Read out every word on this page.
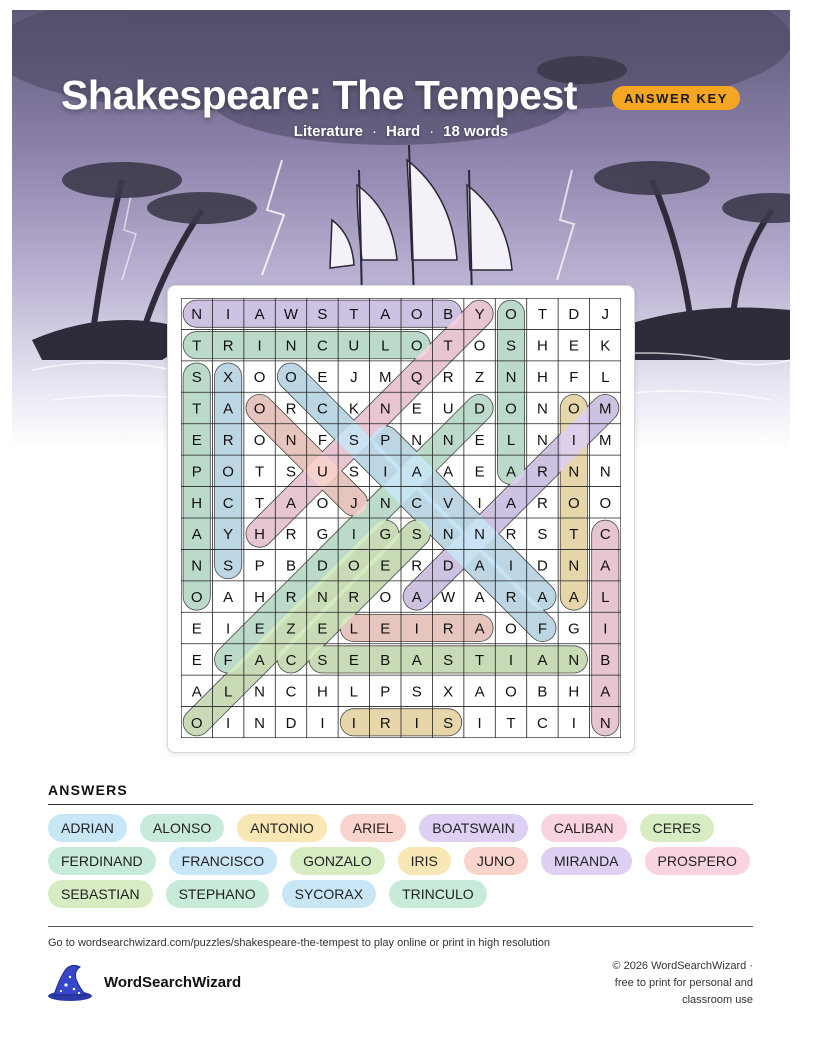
Shakespeare: The Tempest	ANSWER KEY
Literature · Hard · 18 words
N I A W S T A O B Y O T D J
T R I N C U L O T O S H E K
S X O O E J M Q R Z N H F L
T A O R C K N E U D O N O M
E R O N F S P N N E L N I M
P O T S U S I A A E A R N N
H C T A O J N C V I A R O O
A Y H R G I G S N N R S T C
N S P B D O E R D A I D N A
O A H R N R O A W A R A A L
E I E Z E L E I R A O F G I
E F A C S E B A S T I A N B
A L N C H L P S X A O B H A
O I N D I I R I S I T C I N
ANSWERS
ADRIAN	ALONSO	ANTONIO	ARIEL	BOATSWAIN	CALIBAN	CERES
FERDINAND	FRANCISCO	GONZALO	IRIS	JUNO	MIRANDA	PROSPERO
SEBASTIAN	STEPHANO	SYCORAX	TRINCULO
Go to wordsearchwizard.com/puzzles/shakespeare-the-tempest to play online or print in high resolution
WordSearchWizard
© 2026 WordSearchWizard ·
free to print for personal and
classroom use
